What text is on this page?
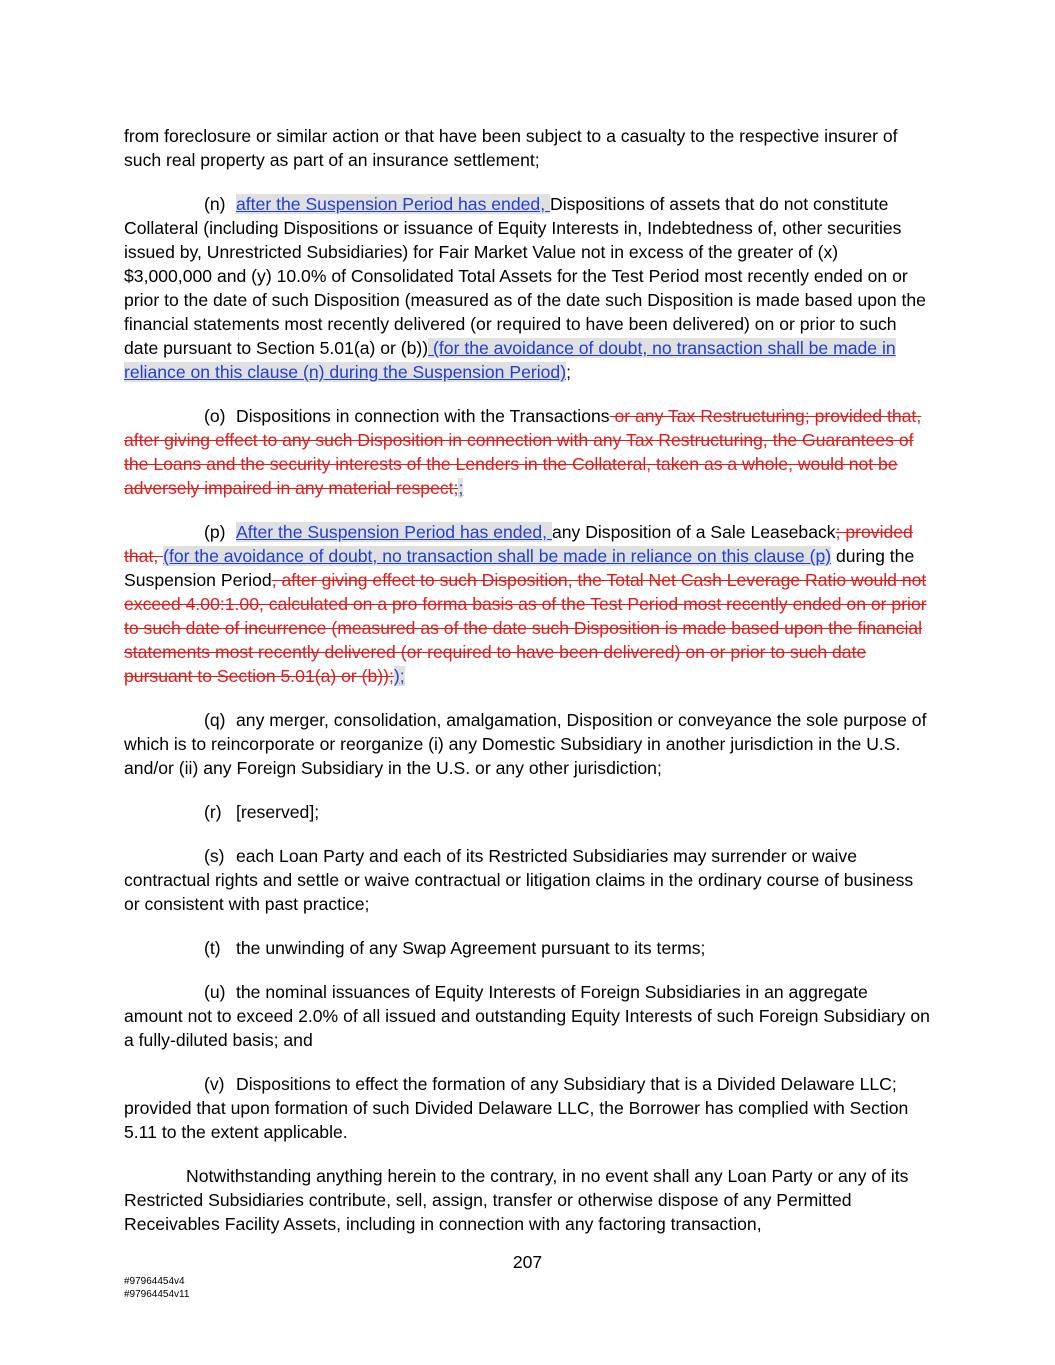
from foreclosure or similar action or that have been subject to a casualty to the respective insurer of such real property as part of an insurance settlement;

(n) after the Suspension Period has ended, Dispositions of assets that do not constitute Collateral (including Dispositions or issuance of Equity Interests in, Indebtedness of, other securities issued by, Unrestricted Subsidiaries) for Fair Market Value not in excess of the greater of (x) $3,000,000 and (y) 10.0% of Consolidated Total Assets for the Test Period most recently ended on or prior to the date of such Disposition (measured as of the date such Disposition is made based upon the financial statements most recently delivered (or required to have been delivered) on or prior to such date pursuant to Section 5.01(a) or (b)) (for the avoidance of doubt, no transaction shall be made in reliance on this clause (n) during the Suspension Period);

(o) Dispositions in connection with the Transactions or any Tax Restructuring; provided that, after giving effect to any such Disposition in connection with any Tax Restructuring, the Guarantees of the Loans and the security interests of the Lenders in the Collateral, taken as a whole, would not be adversely impaired in any material respect;;

(p) After the Suspension Period has ended, any Disposition of a Sale Leaseback; provided that, (for the avoidance of doubt, no transaction shall be made in reliance on this clause (p) during the Suspension Period, after giving effect to such Disposition, the Total Net Cash Leverage Ratio would not exceed 4.00:1.00, calculated on a pro forma basis as of the Test Period most recently ended on or prior to such date of incurrence (measured as of the date such Disposition is made based upon the financial statements most recently delivered (or required to have been delivered) on or prior to such date pursuant to Section 5.01(a) or (b)););

(q) any merger, consolidation, amalgamation, Disposition or conveyance the sole purpose of which is to reincorporate or reorganize (i) any Domestic Subsidiary in another jurisdiction in the U.S. and/or (ii) any Foreign Subsidiary in the U.S. or any other jurisdiction;

(r) [reserved];

(s) each Loan Party and each of its Restricted Subsidiaries may surrender or waive contractual rights and settle or waive contractual or litigation claims in the ordinary course of business or consistent with past practice;

(t) the unwinding of any Swap Agreement pursuant to its terms;

(u) the nominal issuances of Equity Interests of Foreign Subsidiaries in an aggregate amount not to exceed 2.0% of all issued and outstanding Equity Interests of such Foreign Subsidiary on a fully-diluted basis; and

(v) Dispositions to effect the formation of any Subsidiary that is a Divided Delaware LLC; provided that upon formation of such Divided Delaware LLC, the Borrower has complied with Section 5.11 to the extent applicable.

Notwithstanding anything herein to the contrary, in no event shall any Loan Party or any of its Restricted Subsidiaries contribute, sell, assign, transfer or otherwise dispose of any Permitted Receivables Facility Assets, including in connection with any factoring transaction,

207
#97964454v4
#97964454v11
